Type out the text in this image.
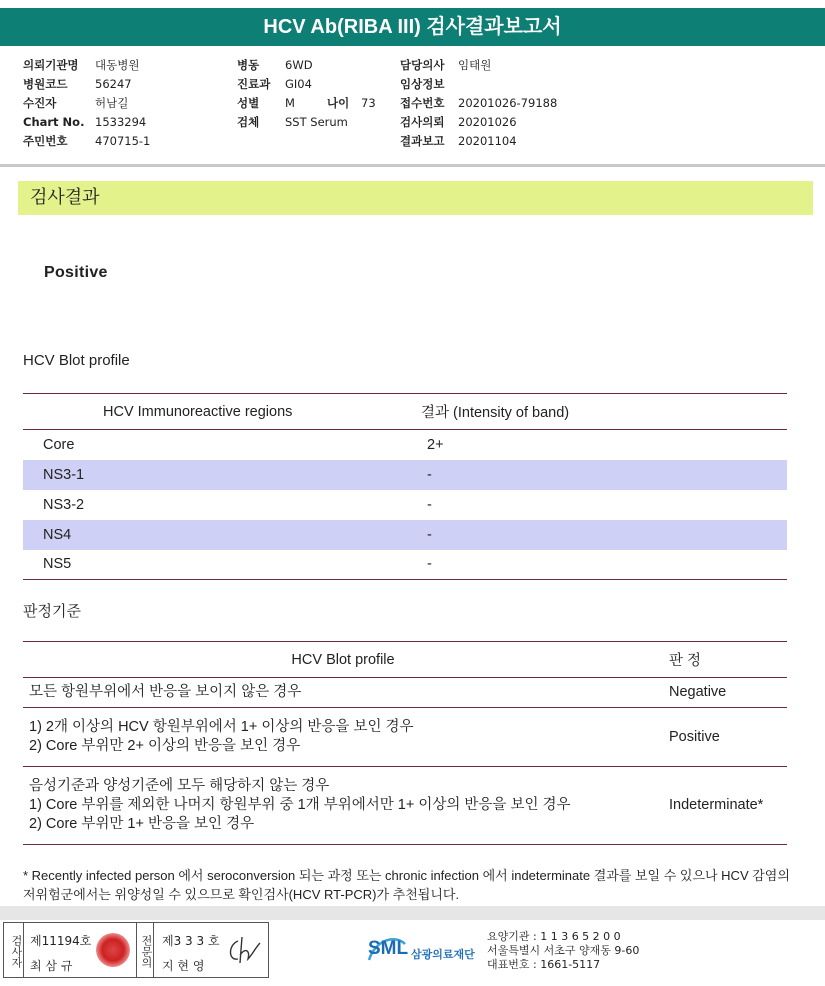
HCV Ab(RIBA III) 검사결과보고서
의뢰기관명 대동병원
병원코드 56247
수진자	허남길
Chart No. 1533294
주민번호 470715-1
병동 6WD
진료과 GI04
성별 M	나이 73
검체 SST Serum
담당의사 임태원
임상정보
접수번호 20201026-79188
검사의뢰 20201026
결과보고 20201104
검사결과
Positive
HCV Blot profile
HCV Immunoreactive regions	결과 (Intensity of band)
Core	2+
NS3-1	-
NS3-2	-
NS4	-
NS5	-
판정기준
HCV Blot profile	판 정

모든 항원부위에서 반응을 보이지 않은 경우	Negative

1) 2개 이상의 HCV 항원부위에서 1+ 이상의 반응을 보인 경우
2) Core 부위만 2+ 이상의 반응을 보인 경우	Positive

음성기준과 양성기준에 모두 해당하지 않는 경우
1) Core 부위를 제외한 나머지 항원부위 중 1개 부위에서만 1+ 이상의 반응을 보인 경우
2) Core 부위만 1+ 반응을 보인 경우	Indeterminate*
* Recently infected person 에서 seroconversion 되는 과정 또는 chronic infection 에서 indeterminate 결과를 보일 수 있으나 HCV 감염의 저위험군에서는 위양성일 수 있으므로 확인검사(HCV RT-PCR)가 추천됩니다.
검사자 제11194호
최 삼 규	전문의 제3 3 3 호
지 현 영
SML 삼광의료재단
요양기관 : 1 1 3 6 5 2 0 0
서울특별시 서초구 양재동 9-60
대표번호 : 1661-5117
